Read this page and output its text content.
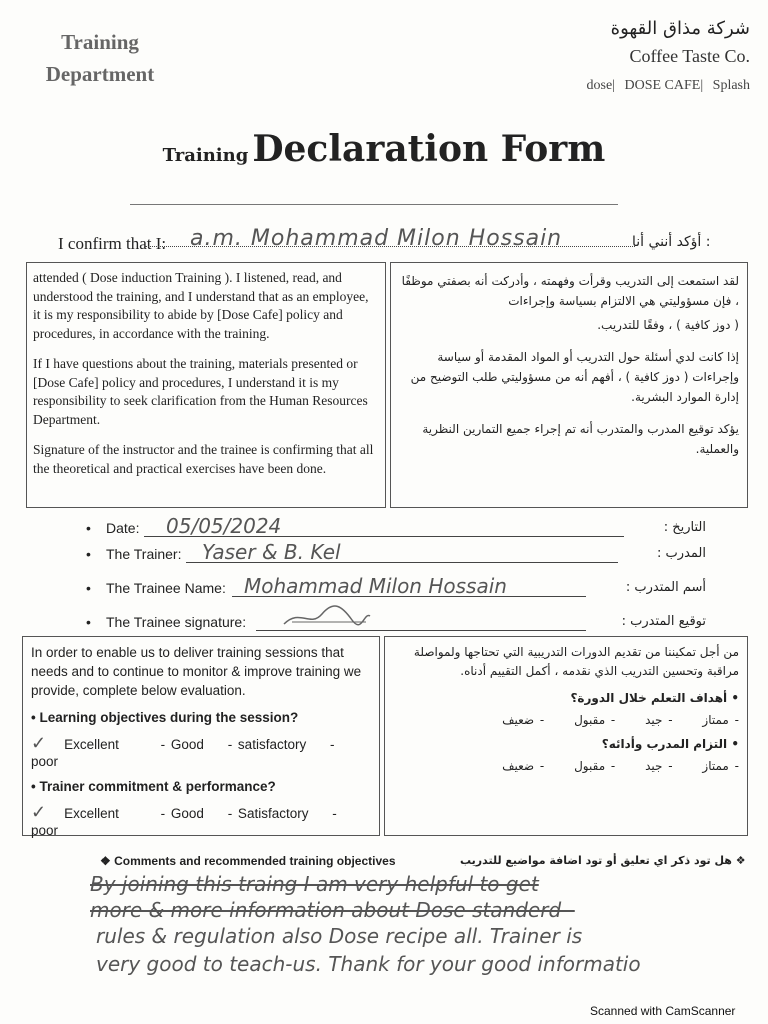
Training
Department
شركة مذاق القهوة
Coffee Taste Co.
dose| DOSE CAFE| Splash
Training Declaration Form
I confirm that I: a.m. Mohammad Milon Hossain	أؤكد أنني أنا :

attended ( Dose induction Training ). I listened, read, and understood the training, and I understand that as an employee, it is my responsibility to abide by [Dose Cafe] policy and procedures, in accordance with the training.

If I have questions about the training, materials presented or [Dose Cafe] policy and procedures, I understand it is my responsibility to seek clarification from the Human Resources Department.

Signature of the instructor and the trainee is confirming that all the theoretical and practical exercises have been done.

لقد استمعت إلى التدريب وقرأت وفهمته ، وأدركت أنه بصفتي موظفًا ، فإن مسؤوليتي هي الالتزام بسياسة وإجراءات

( دوز كافية ) ، وفقًا للتدريب.

إذا كانت لدي أسئلة حول التدريب أو المواد المقدمة أو سياسة وإجراءات ( دوز كافية ) ، أفهم أنه من مسؤوليتي طلب التوضيح من إدارة الموارد البشرية.

يؤكد توقيع المدرب والمتدرب أنه تم إجراء جميع التمارين النظرية والعملية.

• Date: 05/05/2024	التاريخ :
• The Trainer: Yaser & B. Kel	المدرب :
• The Trainee Name: Mohammad Milon Hossain	أسم المتدرب :
• The Trainee signature:	توقيع المتدرب :
In order to enable us to deliver training sessions that needs and to continue to monitor & improve training we provide, complete below evaluation.
• Learning objectives during the session?
✓ Excellent	- Good - satisfactory - poor
• Trainer commitment & performance?
✓ Excellent	- Good - Satisfactory - poor
من أجل تمكيننا من تقديم الدورات التدريبية التي تحتاجها ولمواصلة مراقبة وتحسين التدريب الذي نقدمه ، أكمل التقييم أدناه.
• أهداف التعلم خلال الدورة؟
- ممتاز - جيد - مقبول - ضعيف
• التزام المدرب وأدائه؟
- ممتاز - جيد - مقبول - ضعيف
❖ Comments and recommended training objectives	❖ هل تود ذكر اي تعليق أو تود اضافة مواضيع للتدريب
By joining this traing I am very helpful to get
more & more information about Dose standerd -
rules & regulation also Dose recipe all. Trainer is
very good to teach-us. Thank for your good informatio
Scanned with CamScanner
